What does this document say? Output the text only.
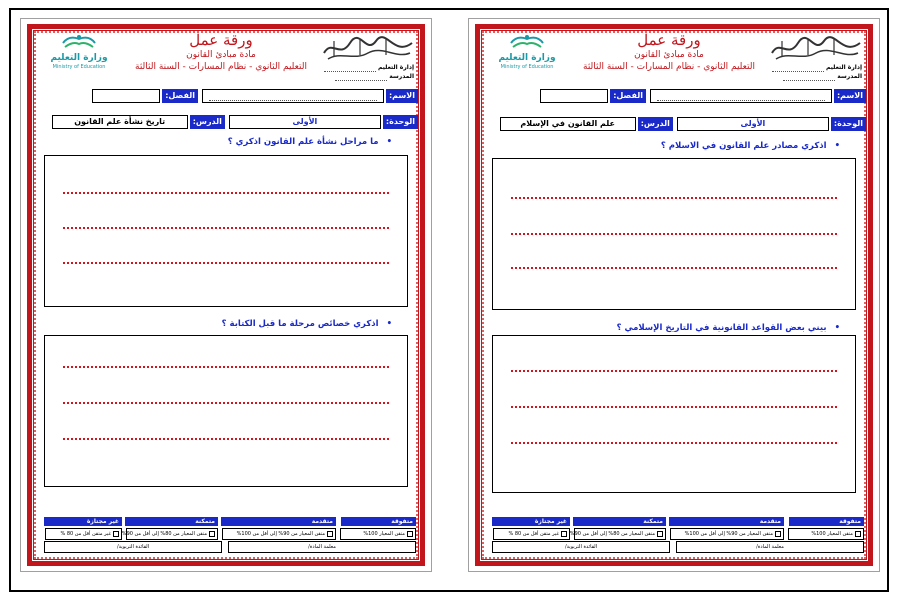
إدارة التعليم
المدرسة
ورقة عمل
مادة مبادئ القانون
التعليم الثانوي - نظام المسارات - السنة الثالثة
وزارة التعليم
Ministry of Education
الاسم:
الفصل:
الوحدة:
الأولى
الدرس:
تاريخ نشأة علم القانون
•ما مراحل نشأة علم القانون اذكري ؟
•اذكري خصائص مرحلة ما قبل الكتابة ؟
متفوقة
متقدمة
متمكنة
غير مجتازة
متقن المعيار 100%
متقن المعيار من 90% إلى أقل من 100%
متقن المعيار من 80% إلى أقل من 90%
غير متقن أقل من 80 %
معلمة المادة/
القائدة التربوية/
إدارة التعليم
المدرسة
ورقة عمل
مادة مبادئ القانون
التعليم الثانوي - نظام المسارات - السنة الثالثة
وزارة التعليم
Ministry of Education
الاسم:
الفصل:
الوحدة:
الأولى
الدرس:
علم القانون في الإسلام
•اذكري مصادر علم القانون في الاسلام ؟
•بيني بعض القواعد القانونية في التاريخ الإسلامي ؟
متفوقة
متقدمة
متمكنة
غير مجتازة
متقن المعيار 100%
متقن المعيار من 90% إلى أقل من 100%
متقن المعيار من 80% إلى أقل من 90%
غير متقن أقل من 80 %
معلمة المادة/
القائدة التربوية/
